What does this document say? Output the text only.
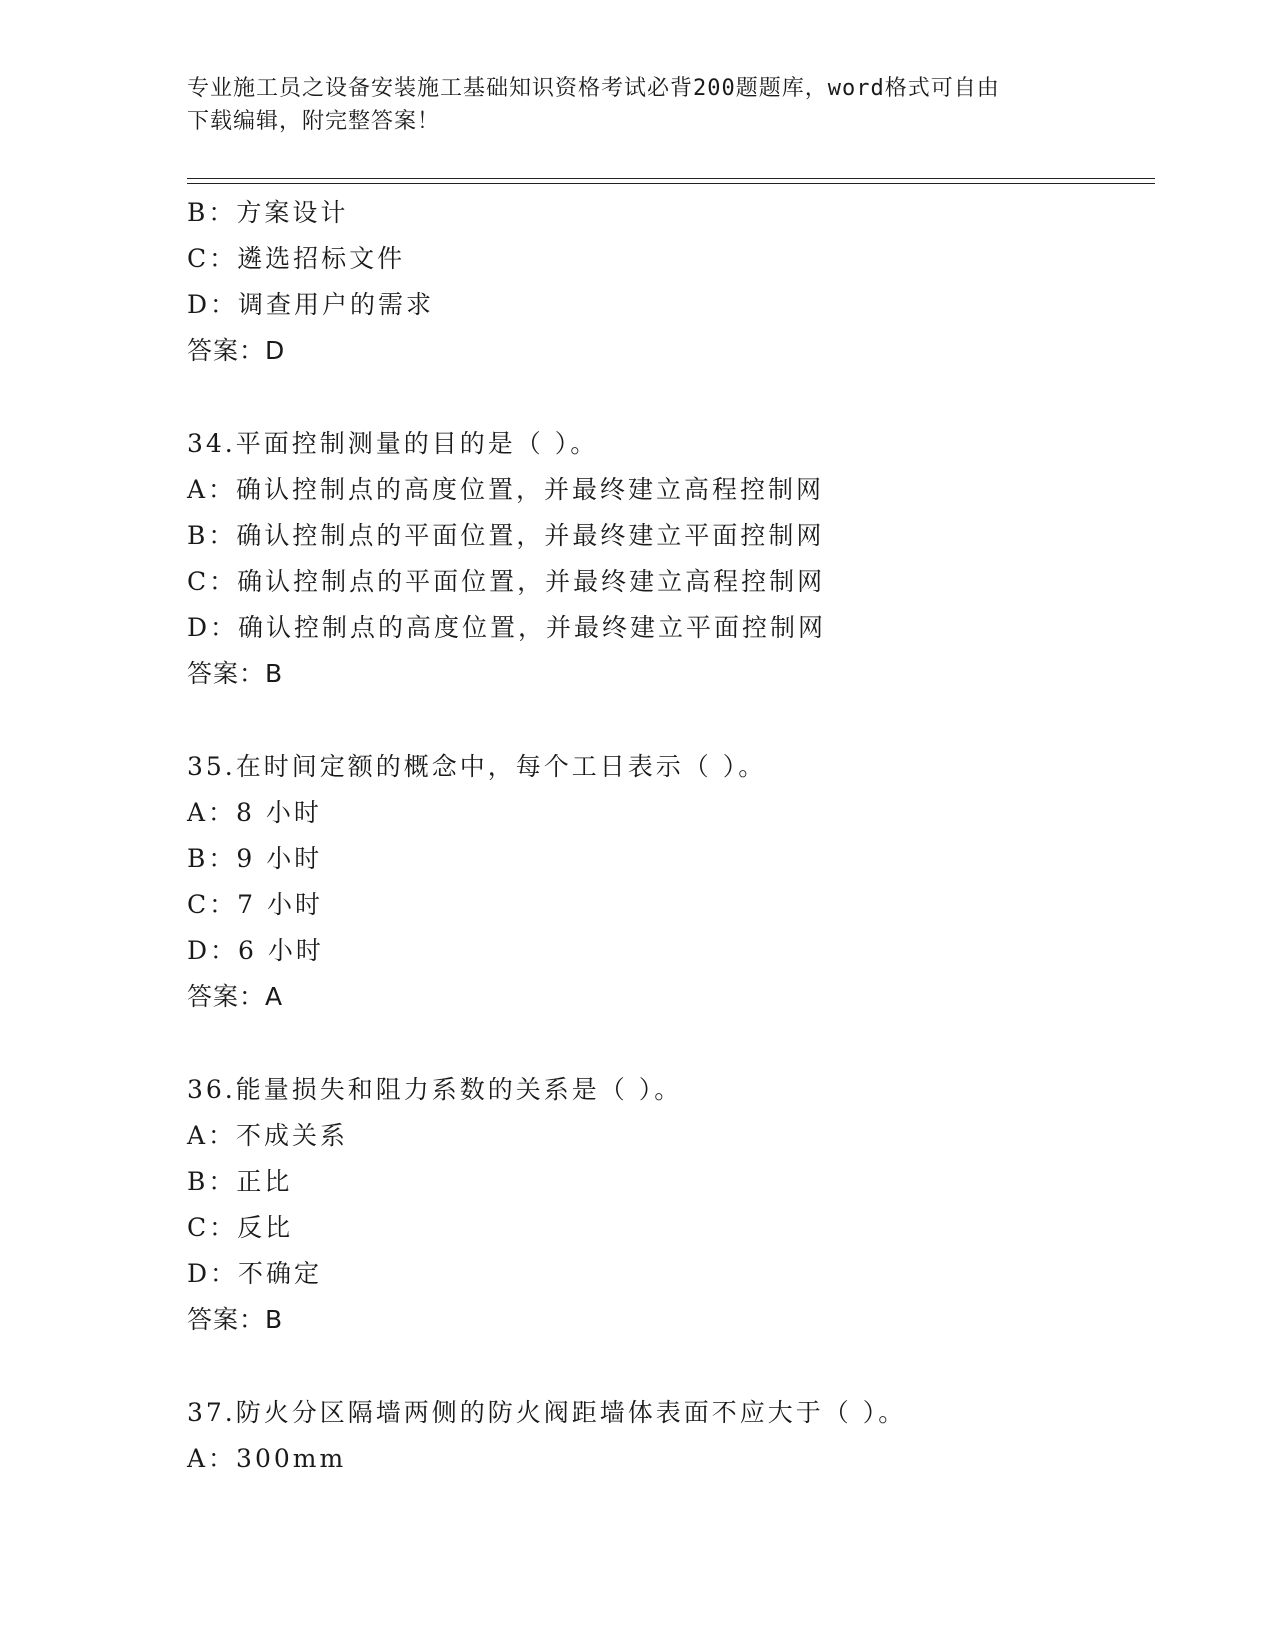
专业施工员之设备安装施工基础知识资格考试必背200题题库，word格式可自由
下载编辑，附完整答案！
B：方案设计
C：遴选招标文件
D：调查用户的需求
答案：D
34.平面控制测量的目的是（ ）。
A：确认控制点的高度位置，并最终建立高程控制网
B：确认控制点的平面位置，并最终建立平面控制网
C：确认控制点的平面位置，并最终建立高程控制网
D：确认控制点的高度位置，并最终建立平面控制网
答案：B
35.在时间定额的概念中，每个工日表示（ ）。
A：8 小时
B：9 小时
C：7 小时
D：6 小时
答案：A
36.能量损失和阻力系数的关系是（ ）。
A：不成关系
B：正比
C：反比
D：不确定
答案：B
37.防火分区隔墙两侧的防火阀距墙体表面不应大于（ ）。
A：300mm
